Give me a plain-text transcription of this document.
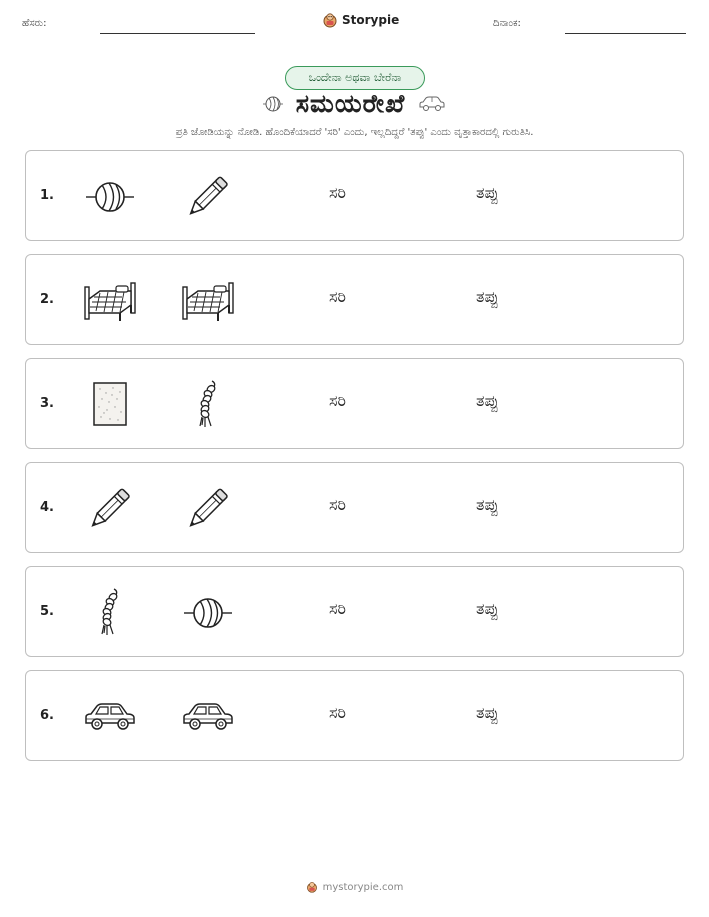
ಹೆಸರು:	Storypie	ದಿನಾಂಕ:
ಒಂದೇನಾ ಅಥವಾ ಬೇರೆನಾ
ಸಮಯರೇಖೆ
ಪ್ರತಿ ಜೋಡಿಯನ್ನು ನೋಡಿ. ಹೊಂದಿಕೆಯಾದರೆ 'ಸರಿ' ಎಂದು, ಇಲ್ಲದಿದ್ದರೆ 'ತಪ್ಪು' ಎಂದು ವೃತ್ತಾಕಾರದಲ್ಲಿ ಗುರುತಿಸಿ.
1.	ಸರಿ	ತಪ್ಪು
2.	ಸರಿ	ತಪ್ಪು
3.	ಸರಿ	ತಪ್ಪು
4.	ಸರಿ	ತಪ್ಪು
5.	ಸರಿ	ತಪ್ಪು
6.	ಸರಿ	ತಪ್ಪು
mystorypie.com
